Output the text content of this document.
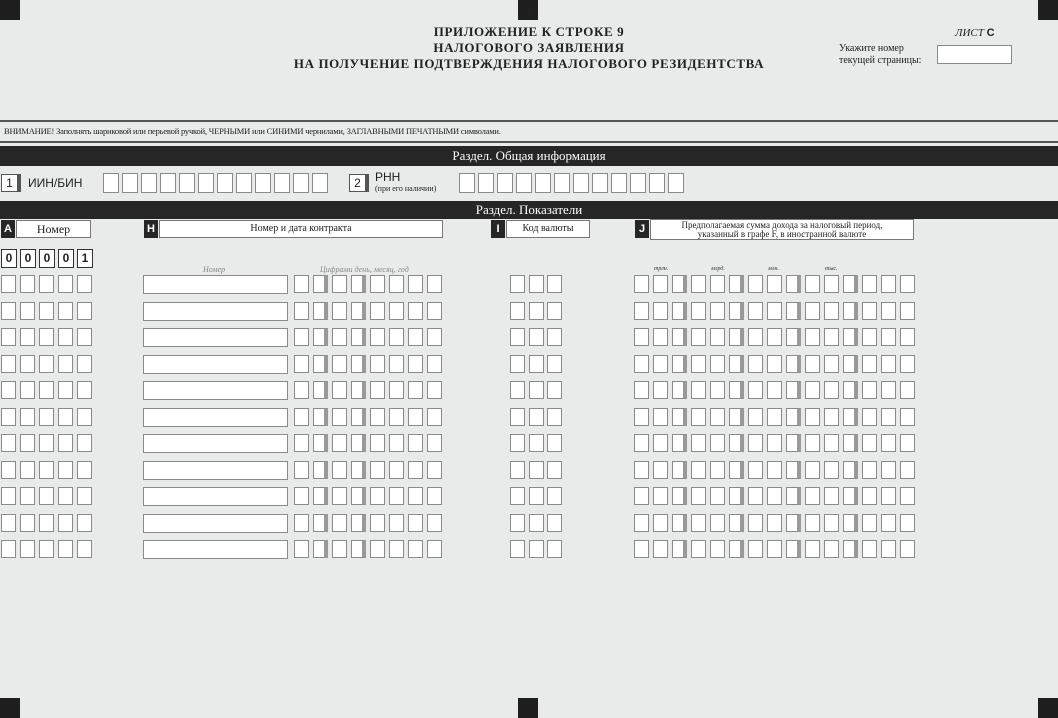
3
ПРИЛОЖЕНИЕ К СТРОКЕ 9
НАЛОГОВОГО ЗАЯВЛЕНИЯ
НА ПОЛУЧЕНИЕ ПОДТВЕРЖДЕНИЯ НАЛОГОВОГО РЕЗИДЕНТСТВА
ЛИСТ С
Укажите номер
текущей страницы:
ВНИМАНИЕ! Заполнять шариковой или перьевой ручкой, ЧЕРНЫМИ или СИНИМИ чернилами, ЗАГЛАВНЫМИ ПЕЧАТНЫМИ символами.
Раздел. Общая информация
1	ИИН/БИН	2	РНН
(при его наличии)
Раздел. Показатели
A	Номер	H	Номер и дата контракта	I	Код валюты	J	Предполагаемая сумма дохода за налоговый период,
указанный в графе F, в иностранной валюте
0	0	0	0	1
Номер	Цифрами день, месяц, год	трлн.	млрд.	млн.	тыс.
